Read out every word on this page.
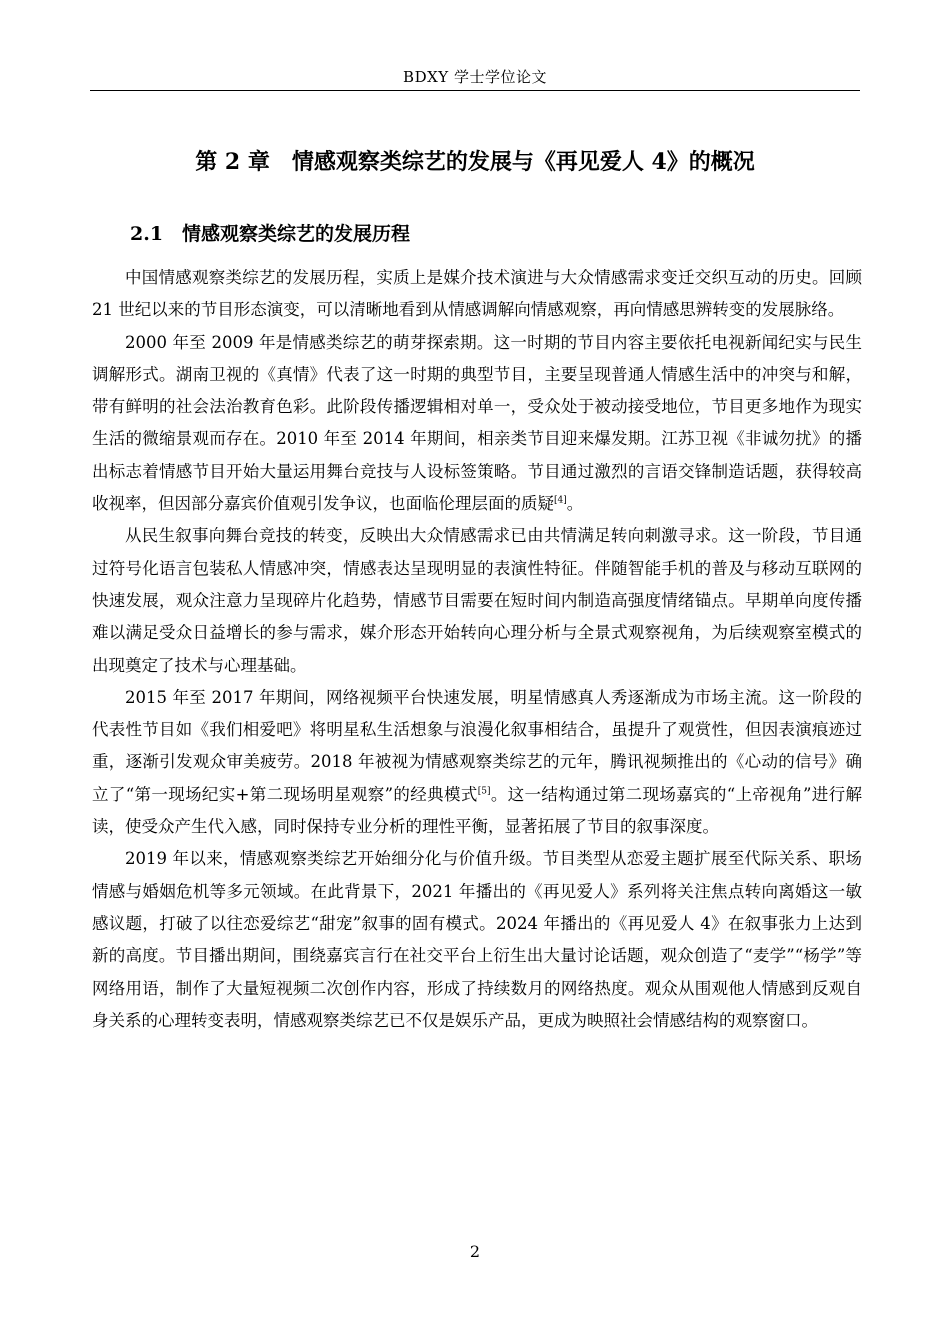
BDXY 学士学位论文
第 2 章　情感观察类综艺的发展与《再见爱人 4》的概况
2.1　情感观察类综艺的发展历程

中国情感观察类综艺的发展历程，实质上是媒介技术演进与大众情感需求变迁交织互动的历史。回顾 21 世纪以来的节目形态演变，可以清晰地看到从情感调解向情感观察，再向情感思辨转变的发展脉络。

2000 年至 2009 年是情感类综艺的萌芽探索期。这一时期的节目内容主要依托电视新闻纪实与民生调解形式。湖南卫视的《真情》代表了这一时期的典型节目，主要呈现普通人情感生活中的冲突与和解，带有鲜明的社会法治教育色彩。此阶段传播逻辑相对单一，受众处于被动接受地位，节目更多地作为现实生活的微缩景观而存在。2010 年至 2014 年期间，相亲类节目迎来爆发期。江苏卫视《非诚勿扰》的播出标志着情感节目开始大量运用舞台竞技与人设标签策略。节目通过激烈的言语交锋制造话题，获得较高收视率，但因部分嘉宾价值观引发争议，也面临伦理层面的质疑[4]。

从民生叙事向舞台竞技的转变，反映出大众情感需求已由共情满足转向刺激寻求。这一阶段，节目通过符号化语言包装私人情感冲突，情感表达呈现明显的表演性特征。伴随智能手机的普及与移动互联网的快速发展，观众注意力呈现碎片化趋势，情感节目需要在短时间内制造高强度情绪锚点。早期单向度传播难以满足受众日益增长的参与需求，媒介形态开始转向心理分析与全景式观察视角，为后续观察室模式的出现奠定了技术与心理基础。

2015 年至 2017 年期间，网络视频平台快速发展，明星情感真人秀逐渐成为市场主流。这一阶段的代表性节目如《我们相爱吧》将明星私生活想象与浪漫化叙事相结合，虽提升了观赏性，但因表演痕迹过重，逐渐引发观众审美疲劳。2018 年被视为情感观察类综艺的元年，腾讯视频推出的《心动的信号》确立了“第一现场纪实+第二现场明星观察”的经典模式[5]。这一结构通过第二现场嘉宾的“上帝视角”进行解读，使受众产生代入感，同时保持专业分析的理性平衡，显著拓展了节目的叙事深度。

2019 年以来，情感观察类综艺开始细分化与价值升级。节目类型从恋爱主题扩展至代际关系、职场情感与婚姻危机等多元领域。在此背景下，2021 年播出的《再见爱人》系列将关注焦点转向离婚这一敏感议题，打破了以往恋爱综艺“甜宠”叙事的固有模式。2024 年播出的《再见爱人 4》在叙事张力上达到新的高度。节目播出期间，围绕嘉宾言行在社交平台上衍生出大量讨论话题，观众创造了“麦学”“杨学”等网络用语，制作了大量短视频二次创作内容，形成了持续数月的网络热度。观众从围观他人情感到反观自身关系的心理转变表明，情感观察类综艺已不仅是娱乐产品，更成为映照社会情感结构的观察窗口。

2
